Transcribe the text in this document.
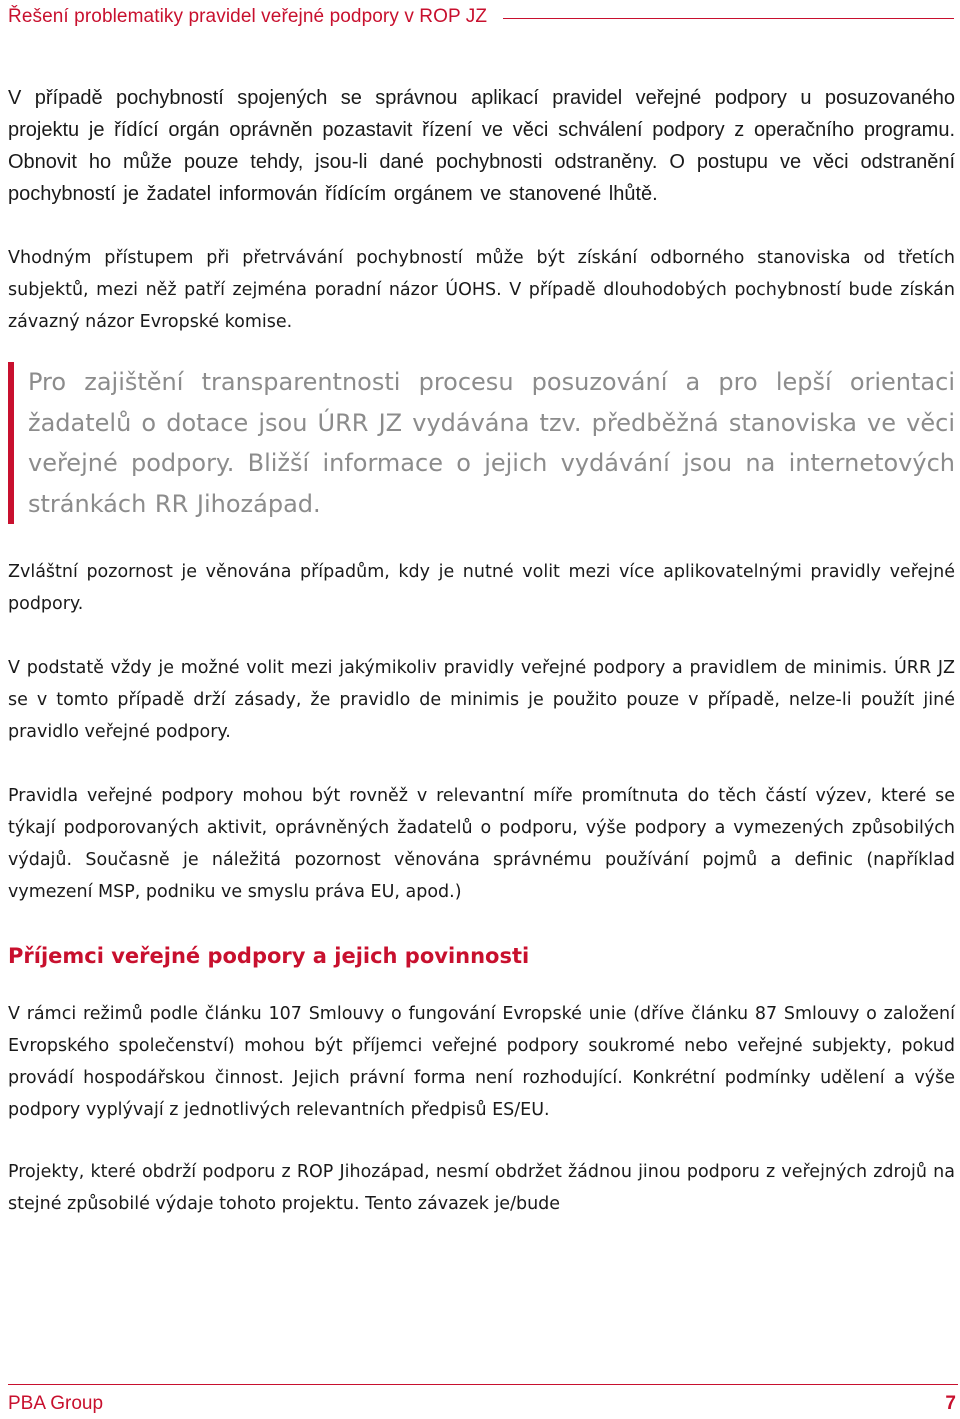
Řešení problematiky pravidel veřejné podpory v ROP JZ

V případě pochybností spojených se správnou aplikací pravidel veřejné podpory u posuzovaného projektu je řídící orgán oprávněn pozastavit řízení ve věci schválení podpory z operačního programu. Obnovit ho může pouze tehdy, jsou-li dané pochybnosti odstraněny. O postupu ve věci odstranění pochybností je žadatel informován řídícím orgánem ve stanovené lhůtě.

Vhodným přístupem při přetrvávání pochybností může být získání odborného stanoviska od třetích subjektů, mezi něž patří zejména poradní názor ÚOHS. V případě dlouhodobých pochybností bude získán závazný názor Evropské komise.

Pro zajištění transparentnosti procesu posuzování a pro lepší orientaci žadatelů o dotace jsou ÚRR JZ vydávána tzv. předběžná stanoviska ve věci veřejné podpory. Bližší informace o jejich vydávání jsou na internetových stránkách RR Jihozápad.

Zvláštní pozornost je věnována případům, kdy je nutné volit mezi více aplikovatelnými pravidly veřejné podpory.

V podstatě vždy je možné volit mezi jakýmikoliv pravidly veřejné podpory a pravidlem de minimis. ÚRR JZ se v tomto případě drží zásady, že pravidlo de minimis je použito pouze v případě, nelze-li použít jiné pravidlo veřejné podpory.

Pravidla veřejné podpory mohou být rovněž v relevantní míře promítnuta do těch částí výzev, které se týkají podporovaných aktivit, oprávněných žadatelů o podporu, výše podpory a vymezených způsobilých výdajů. Současně je náležitá pozornost věnována správnému používání pojmů a definic (například vymezení MSP, podniku ve smyslu práva EU, apod.)

Příjemci veřejné podpory a jejich povinnosti

V rámci režimů podle článku 107 Smlouvy o fungování Evropské unie (dříve článku 87 Smlouvy o založení Evropského společenství) mohou být příjemci veřejné podpory soukromé nebo veřejné subjekty, pokud provádí hospodářskou činnost. Jejich právní forma není rozhodující. Konkrétní podmínky udělení a výše podpory vyplývají z jednotlivých relevantních předpisů ES/EU.

Projekty, které obdrží podporu z ROP Jihozápad, nesmí obdržet žádnou jinou podporu z veřejných zdrojů na stejné způsobilé výdaje tohoto projektu. Tento závazek je/bude

PBA Group	7
